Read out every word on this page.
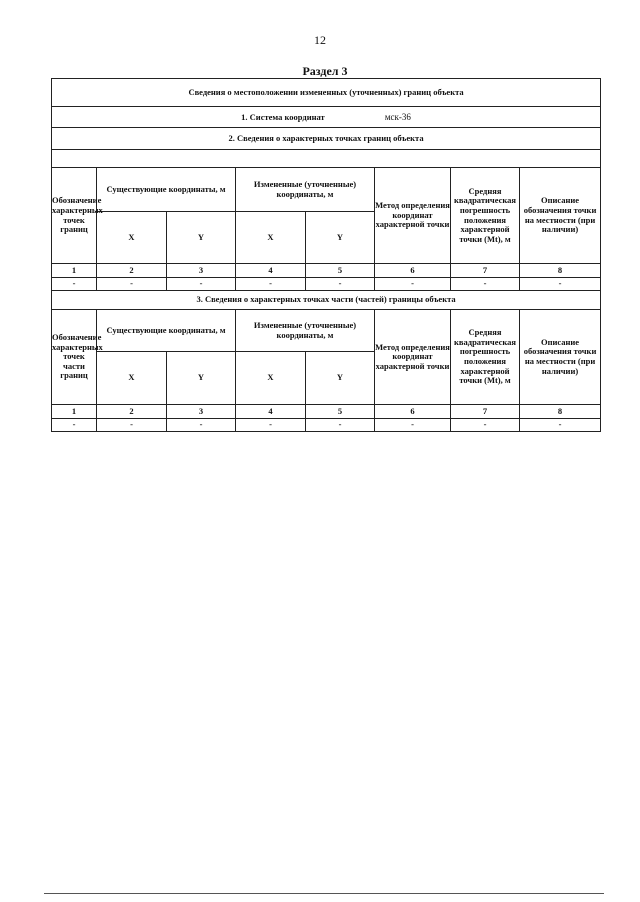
12
Раздел 3
Сведения о местоположении измененных (уточненных) границ объекта							
1. Система координат мск-36							
2. Сведения о характерных точках границ объекта							

Обозначение характерных точек границ	Существующие координаты, м		Измененные (уточненные) координаты, м		Метод определения координат характерной точки	Средняя квадратическая погрешность положения характерной точки (Mt), м	Описание обозначения точки на местности (при наличии)
	X	Y	X	Y			
1	2	3	4	5	6	7	8
-	-	-	-	-	-	-	-
3. Сведения о характерных точках части (частей) границы объекта							
Обозначение характерных точек части границ	Существующие координаты, м		Измененные (уточненные) координаты, м		Метод определения координат характерной точки	Средняя квадратическая погрешность положения характерной точки (Mt), м	Описание обозначения точки на местности (при наличии)
	X	Y	X	Y			
1	2	3	4	5	6	7	8
-	-	-	-	-	-	-	-
